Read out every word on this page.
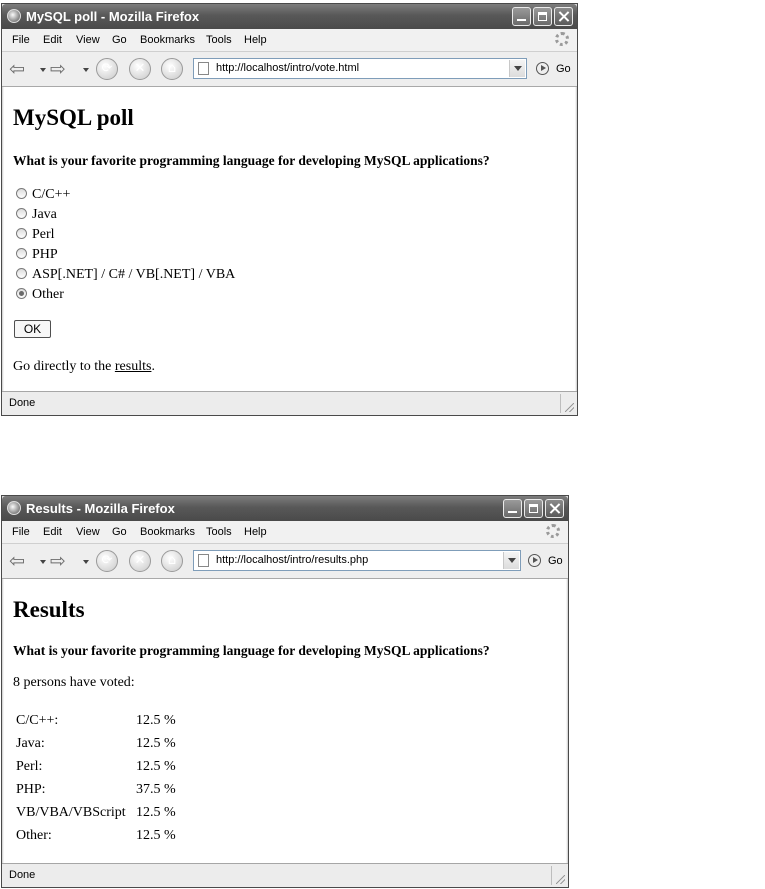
MySQL poll - Mozilla Firefox
File Edit View Go Bookmarks Tools Help
⇦ ⇨	⟳	✕	⌂	http://localhost/intro/vote.html	Go
MySQL poll
What is your favorite programming language for developing MySQL applications?
C/C++
Java
Perl
PHP
ASP[.NET] / C# / VB[.NET] / VBA
Other
OK
Go directly to the results.
Done
Results - Mozilla Firefox
File Edit View Go Bookmarks Tools Help
⇦ ⇨	⟳	✕	⌂	http://localhost/intro/results.php	Go
Results
What is your favorite programming language for developing MySQL applications?
8 persons have voted:
C/C++:	12.5 %
Java:	12.5 %
Perl:	12.5 %
PHP:	37.5 %
VB/VBA/VBScript 12.5 %
Other:	12.5 %
Done
